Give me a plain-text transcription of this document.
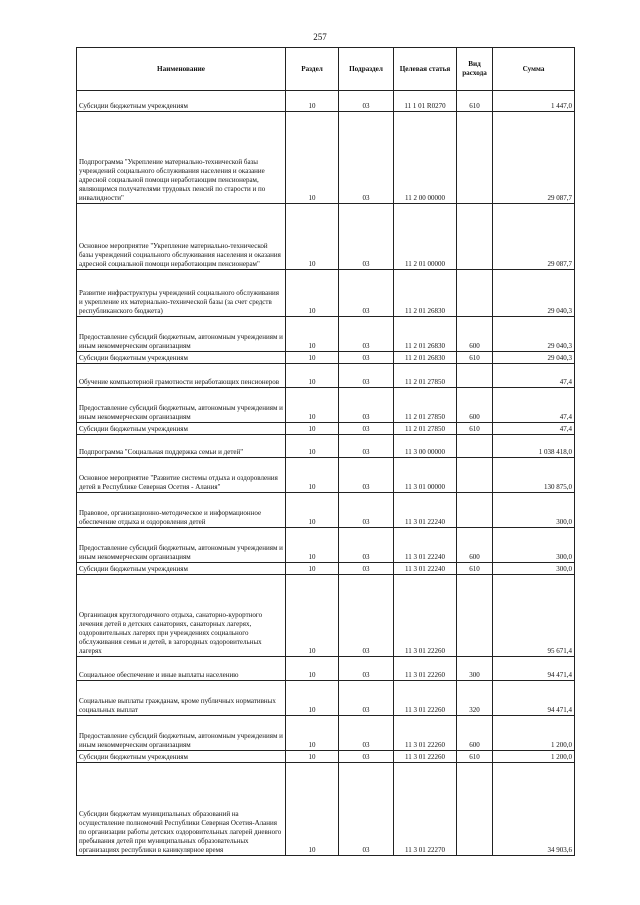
257
Наименование	Раздел	Подраздел	Целевая статья	Вид расхода	Сумма
Субсидии бюджетным учреждениям	10	03	11 1 01 R0270	610	1 447,0
Подпрограмма "Укрепление материально-технической базы учреждений социального обслуживания населения и оказание адресной социальной помощи неработающим пенсионерам, являющимся получателями трудовых пенсий по старости и по инвалидности"	10	03	11 2 00 00000		29 087,7
Основное мероприятие "Укрепление материально-технической базы учреждений социального обслуживания населения и оказания адресной социальной помощи неработающим пенсионерам"	10	03	11 2 01 00000		29 087,7
Развитие инфраструктуры учреждений социального обслуживания и укрепление их материально-технической базы (за счет средств республиканского бюджета)	10	03	11 2 01 26830		29 040,3
Предоставление субсидий бюджетным, автономным учреждениям и иным некоммерческим организациям	10	03	11 2 01 26830	600	29 040,3
Субсидии бюджетным учреждениям	10	03	11 2 01 26830	610	29 040,3
Обучение компьютерной грамотности неработающих пенсионеров	10	03	11 2 01 27850		47,4
Предоставление субсидий бюджетным, автономным учреждениям и иным некоммерческим организациям	10	03	11 2 01 27850	600	47,4
Субсидии бюджетным учреждениям	10	03	11 2 01 27850	610	47,4
Подпрограмма "Социальная поддержка семьи и детей"	10	03	11 3 00 00000		1 038 418,0
Основное мероприятие "Развитие системы отдыха и оздоровления детей в Республике Северная Осетия - Алания"	10	03	11 3 01 00000		130 875,0
Правовое, организационно-методическое и информационное обеспечение отдыха и оздоровления детей	10	03	11 3 01 22240		300,0
Предоставление субсидий бюджетным, автономным учреждениям и иным некоммерческим организациям	10	03	11 3 01 22240	600	300,0
Субсидии бюджетным учреждениям	10	03	11 3 01 22240	610	300,0
Организация круглогодичного отдыха, санаторно-курортного лечения детей в детских санаториях, санаторных лагерях, оздоровительных лагерях при учреждениях социального обслуживания семьи и детей, в загородных оздоровительных лагерях	10	03	11 3 01 22260		95 671,4
Социальное обеспечение и иные выплаты населению	10	03	11 3 01 22260	300	94 471,4
Социальные выплаты гражданам, кроме публичных нормативных социальных выплат	10	03	11 3 01 22260	320	94 471,4
Предоставление субсидий бюджетным, автономным учреждениям и иным некоммерческим организациям	10	03	11 3 01 22260	600	1 200,0
Субсидии бюджетным учреждениям	10	03	11 3 01 22260	610	1 200,0
Субсидии бюджетам муниципальных образований на осуществление полномочий Республики Северная Осетия-Алания по организации работы детских оздоровительных лагерей дневного пребывания детей при муниципальных образовательных организациях республики в каникулярное время	10	03	11 3 01 22270		34 903,6
